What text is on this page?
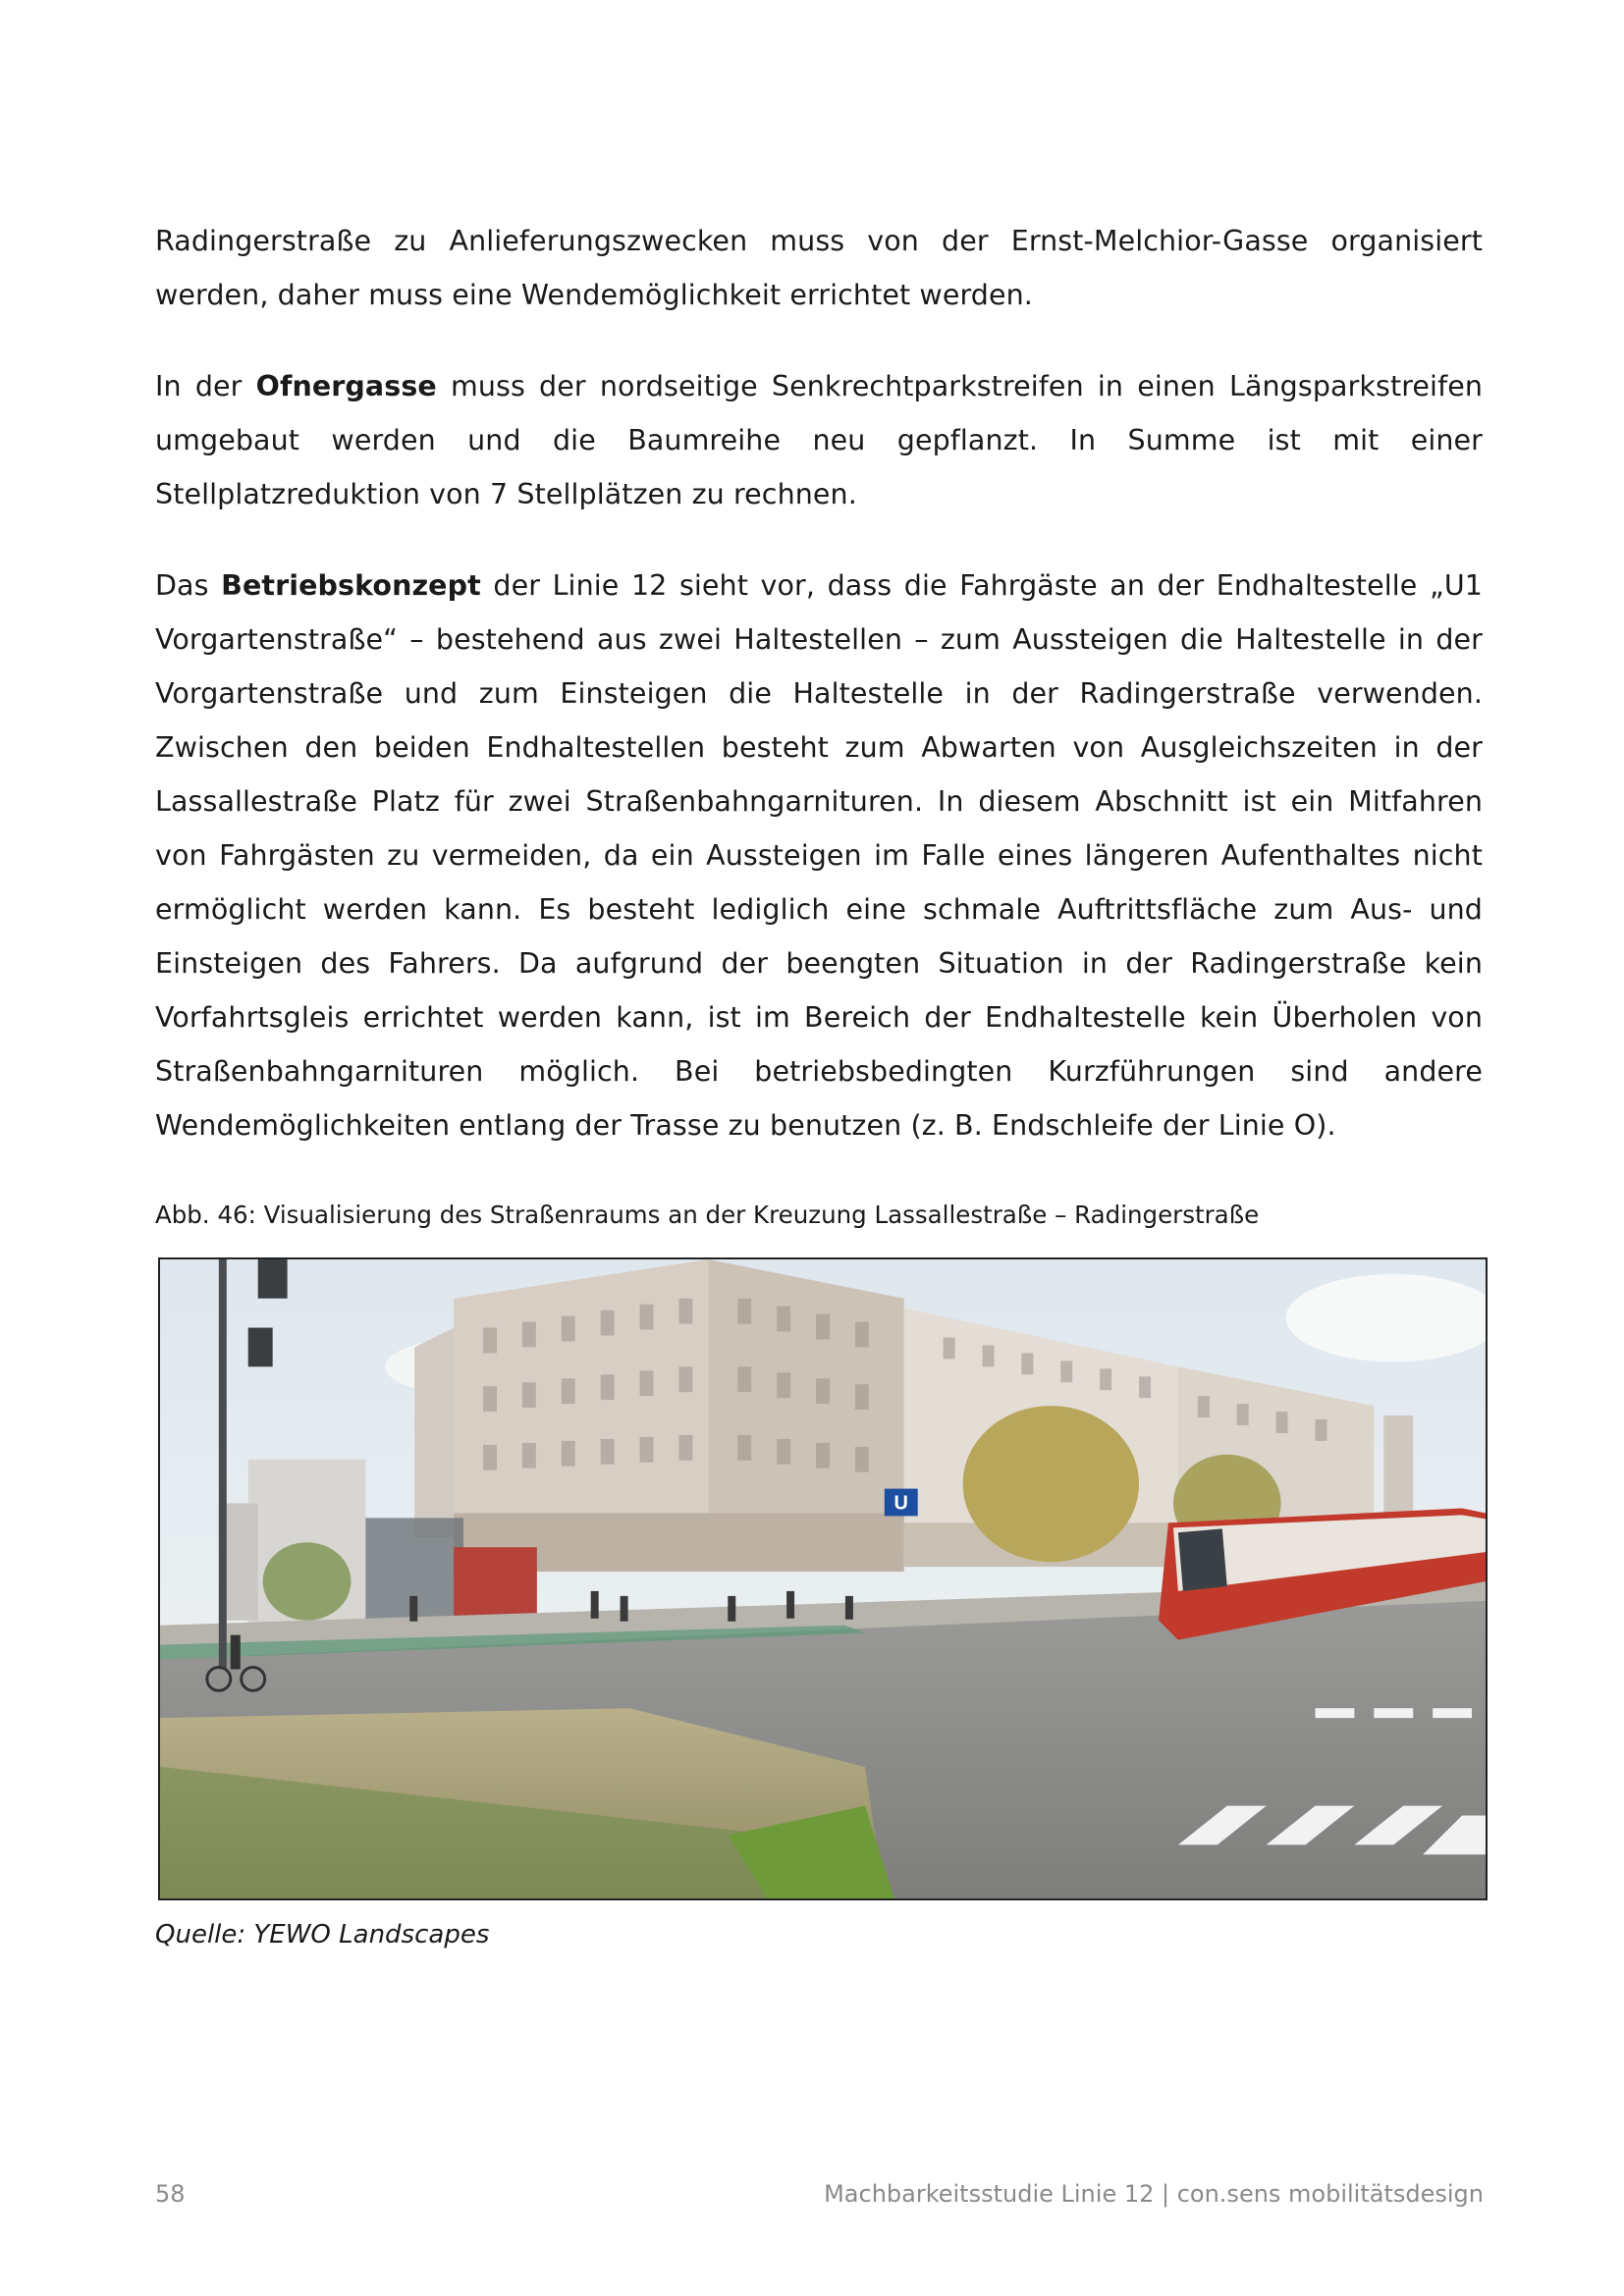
Radingerstraße zu Anlieferungszwecken muss von der Ernst-Melchior-Gasse organisiert werden, daher muss eine Wendemöglichkeit errichtet werden.

In der Ofnergasse muss der nordseitige Senkrechtparkstreifen in einen Längsparkstreifen umgebaut werden und die Baumreihe neu gepflanzt. In Summe ist mit einer Stellplatzreduktion von 7 Stellplätzen zu rechnen.

Das Betriebskonzept der Linie 12 sieht vor, dass die Fahrgäste an der Endhaltestelle „U1 Vorgartenstraße“ – bestehend aus zwei Haltestellen – zum Aussteigen die Haltestelle in der Vorgartenstraße und zum Einsteigen die Haltestelle in der Radingerstraße verwenden. Zwischen den beiden Endhaltestellen besteht zum Abwarten von Ausgleichszeiten in der Lassallestraße Platz für zwei Straßenbahngarnituren. In diesem Abschnitt ist ein Mitfahren von Fahrgästen zu vermeiden, da ein Aussteigen im Falle eines längeren Aufenthaltes nicht ermöglicht werden kann. Es besteht lediglich eine schmale Auftrittsfläche zum Aus- und Einsteigen des Fahrers. Da aufgrund der beengten Situation in der Radingerstraße kein Vorfahrtsgleis errichtet werden kann, ist im Bereich der Endhaltestelle kein Überholen von Straßenbahngarnituren möglich. Bei betriebsbedingten Kurzführungen sind andere Wendemöglichkeiten entlang der Trasse zu benutzen (z. B. Endschleife der Linie O).

Abb. 46: Visualisierung des Straßenraums an der Kreuzung Lassallestraße – Radingerstraße
U
Quelle: YEWO Landscapes
58	Machbarkeitsstudie Linie 12 | con.sens mobilitätsdesign
